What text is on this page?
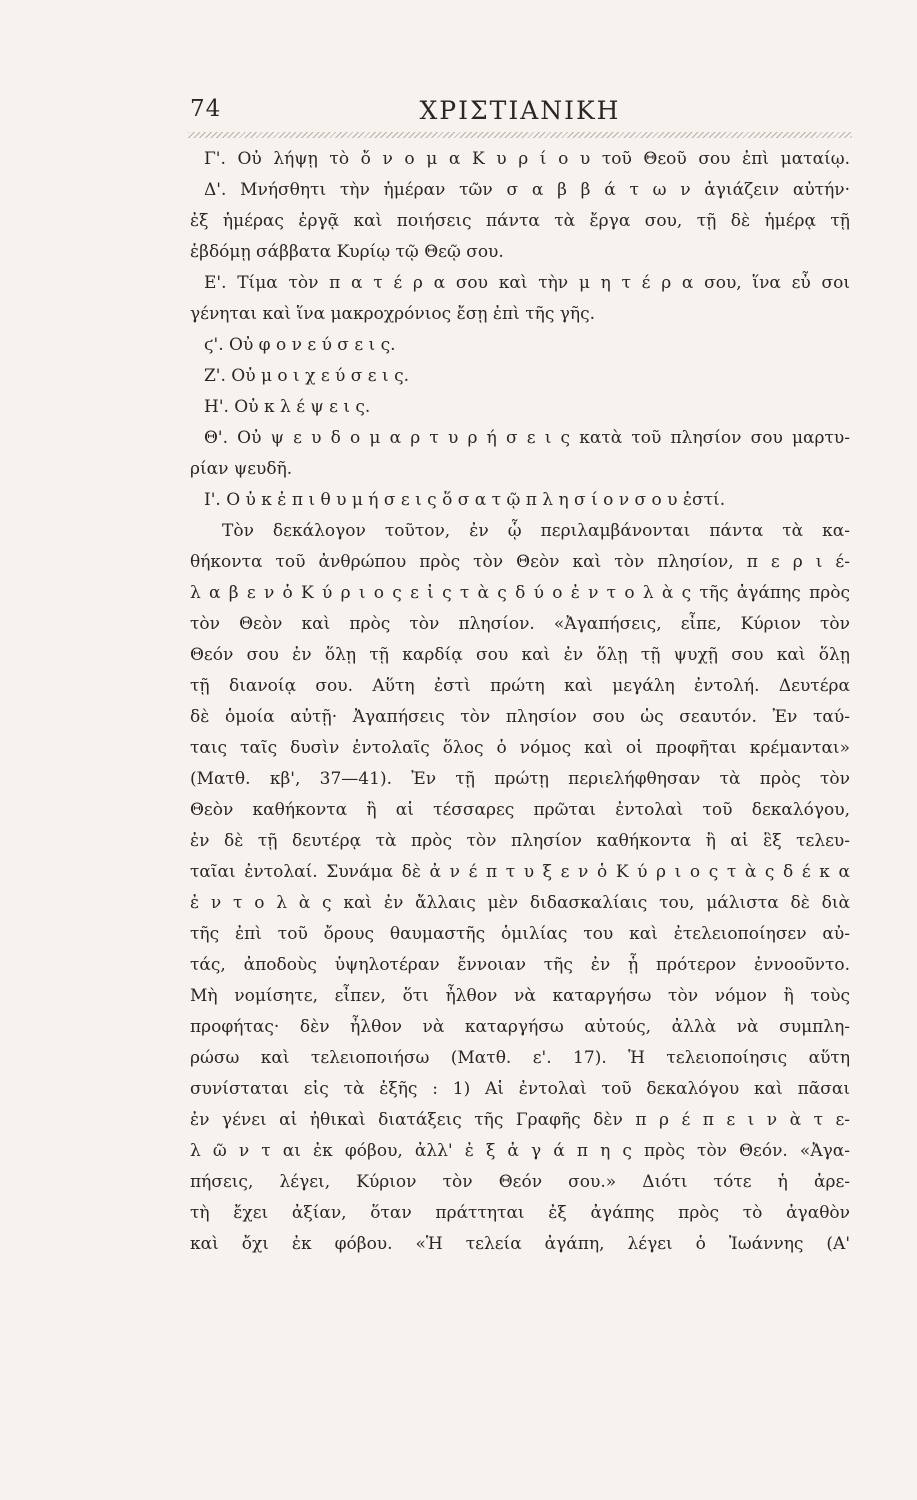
74	ΧΡΙΣΤΙΑΝΙΚΗ
Γ'. Οὐ λήψῃ τὸ ὄ ν ο μ α Κ υ ρ ί ο υ τοῦ Θεοῦ σου ἐπὶ ματαίῳ.
Δ'. Μνήσθητι τὴν ἡμέραν τῶν σ α β β ά τ ω ν ἁγιάζειν αὐτήν·
ἐξ ἡμέρας ἐργᾷ καὶ ποιήσεις πάντα τὰ ἔργα σου, τῇ δὲ ἡμέρᾳ τῇ
ἑβδόμῃ σάββατα Κυρίῳ τῷ Θεῷ σου.
Ε'. Τίμα τὸν π α τ έ ρ α σου καὶ τὴν μ η τ έ ρ α σου, ἵνα εὖ σοι
γένηται καὶ ἵνα μακροχρόνιος ἔσῃ ἐπὶ τῆς γῆς.
ϛ'. Οὐ φ ο ν ε ύ σ ε ι ς.
Ζ'. Οὐ μ ο ι χ ε ύ σ ε ι ς.
Η'. Οὐ κ λ έ ψ ε ι ς.
Θ'. Οὐ ψ ε υ δ ο μ α ρ τ υ ρ ή σ ε ι ς κατὰ τοῦ πλησίον σου μαρτυ-
ρίαν ψευδῆ.
Ι'. Ο ὐ κ ἐ π ι θ υ μ ή σ ε ι ς ὅ σ α τ ῷ π λ η σ ί ο ν σ ο υ ἐστί.
Τὸν δεκάλογον τοῦτον, ἐν ᾧ περιλαμβάνονται πάντα τὰ κα-
θήκοντα τοῦ ἀνθρώπου πρὸς τὸν Θεὸν καὶ τὸν πλησίον, π ε ρ ι έ-
λ α β ε ν ὁ Κ ύ ρ ι ο ς ε ἰ ς τ ὰ ς δ ύ ο ἐ ν τ ο λ ὰ ς τῆς ἀγάπης πρὸς
τὸν Θεὸν καὶ πρὸς τὸν πλησίον. «Ἀγαπήσεις, εἶπε, Κύριον τὸν
Θεόν σου ἐν ὅλῃ τῇ καρδίᾳ σου καὶ ἐν ὅλῃ τῇ ψυχῇ σου καὶ ὅλῃ
τῇ διανοίᾳ σου. Αὕτη ἐστὶ πρώτη καὶ μεγάλη ἐντολή. Δευτέρα
δὲ ὁμοία αὐτῇ· Ἀγαπήσεις τὸν πλησίον σου ὡς σεαυτόν. Ἐν ταύ-
ταις ταῖς δυσὶν ἐντολαῖς ὅλος ὁ νόμος καὶ οἱ προφῆται κρέμανται»
(Ματθ. κβ', 37—41). Ἐν τῇ πρώτῃ περιελήφθησαν τὰ πρὸς τὸν
Θεὸν καθήκοντα ἢ αἱ τέσσαρες πρῶται ἐντολαὶ τοῦ δεκαλόγου,
ἐν δὲ τῇ δευτέρᾳ τὰ πρὸς τὸν πλησίον καθήκοντα ἢ αἱ ἓξ τελευ-
ταῖαι ἐντολαί. Συνάμα δὲ ἀ ν έ π τ υ ξ ε ν ὁ Κ ύ ρ ι ο ς τ ὰ ς δ έ κ α
ἐ ν τ ο λ ὰ ς καὶ ἐν ἄλλαις μὲν διδασκαλίαις του, μάλιστα δὲ διὰ
τῆς ἐπὶ τοῦ ὄρους θαυμαστῆς ὁμιλίας του καὶ ἐτελειοποίησεν αὐ-
τάς, ἀποδοὺς ὑψηλοτέραν ἔννοιαν τῆς ἐν ᾗ πρότερον ἐννοοῦντο.
Μὴ νομίσητε, εἶπεν, ὅτι ἦλθον νὰ καταργήσω τὸν νόμον ἢ τοὺς
προφήτας· δὲν ἦλθον νὰ καταργήσω αὐτούς, ἀλλὰ νὰ συμπλη-
ρώσω καὶ τελειοποιήσω (Ματθ. ε'. 17). Ἡ τελειοποίησις αὕτη
συνίσταται εἰς τὰ ἑξῆς : 1) Αἱ ἐντολαὶ τοῦ δεκαλόγου καὶ πᾶσαι
ἐν γένει αἱ ἠθικαὶ διατάξεις τῆς Γραφῆς δὲν π ρ έ π ε ι ν ὰ τ ε-
λ ῶ ν τ αι ἐκ φόβου, ἀλλ' ἐ ξ ἀ γ ά π η ς πρὸς τὸν Θεόν. «Ἀγα-
πήσεις, λέγει, Κύριον τὸν Θεόν σου.» Διότι τότε ἡ ἀρε-
τὴ ἔχει ἀξίαν, ὅταν πράττηται ἐξ ἀγάπης πρὸς τὸ ἀγαθὸν
καὶ ὄχι ἐκ φόβου. «Ἡ τελεία ἀγάπη, λέγει ὁ Ἰωάννης (Α'
